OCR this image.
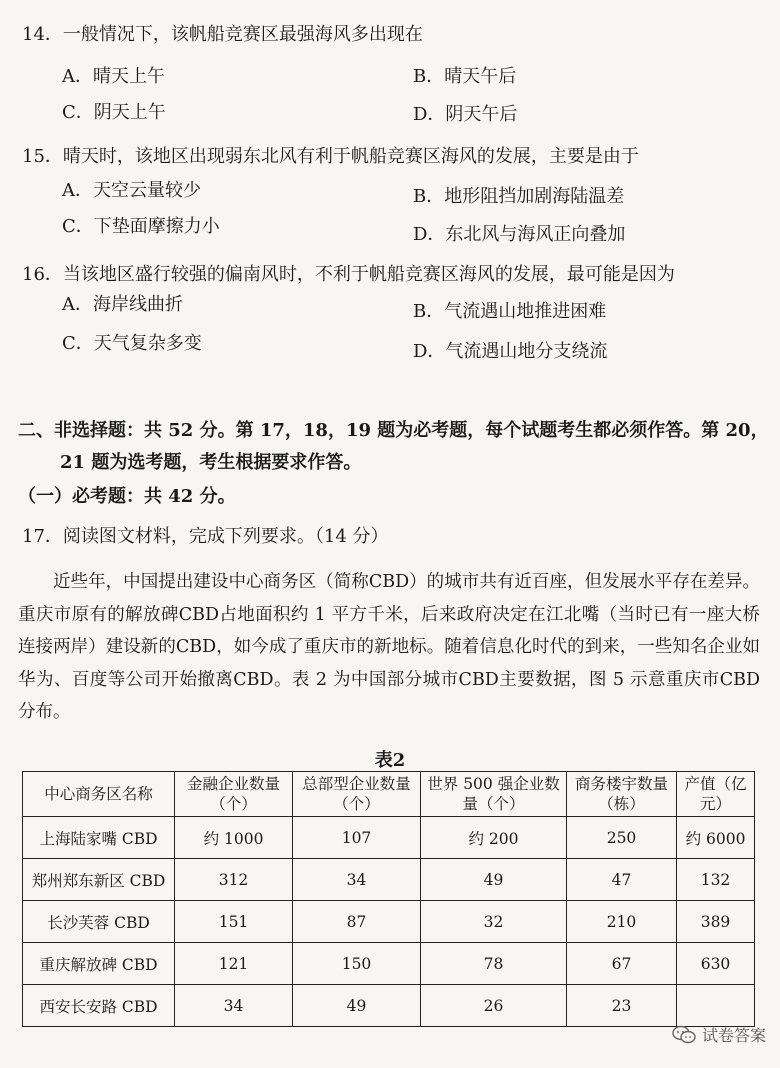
14．一般情况下，该帆船竞赛区最强海风多出现在
A．晴天上午	B．晴天午后
C．阴天上午	D．阴天午后
15．晴天时，该地区出现弱东北风有利于帆船竞赛区海风的发展，主要是由于
A．天空云量较少	B．地形阻挡加剧海陆温差
C．下垫面摩擦力小	D．东北风与海风正向叠加
16．当该地区盛行较强的偏南风时，不利于帆船竞赛区海风的发展，最可能是因为
A．海岸线曲折	B．气流遇山地推进困难
C．天气复杂多变	D．气流遇山地分支绕流
二、非选择题：共 52 分。第 17，18，19 题为必考题，每个试题考生都必须作答。第 20，
21 题为选考题，考生根据要求作答。
（一）必考题：共 42 分。
17．阅读图文材料，完成下列要求。（14 分）
近些年，中国提出建设中心商务区（简称CBD）的城市共有近百座，但发展水平存在差异。重庆市原有的解放碑CBD占地面积约 1 平方千米，后来政府决定在江北嘴（当时已有一座大桥连接两岸）建设新的CBD，如今成了重庆市的新地标。随着信息化时代的到来，一些知名企业如华为、百度等公司开始撤离CBD。表 2 为中国部分城市CBD主要数据，图 5 示意重庆市CBD分布。
表2
中心商务区名称	金融企业数量（个）	总部型企业数量（个）	世界 500 强企业数量（个）	商务楼宇数量（栋）	产值（亿元）
上海陆家嘴 CBD	约 1000	107	约 200	250	约 6000
郑州郑东新区 CBD	312	34	49	47	132
长沙芙蓉 CBD	151	87	32	210	389
重庆解放碑 CBD	121	150	78	67	630
西安长安路 CBD	34	49	26	23	
试卷答案
